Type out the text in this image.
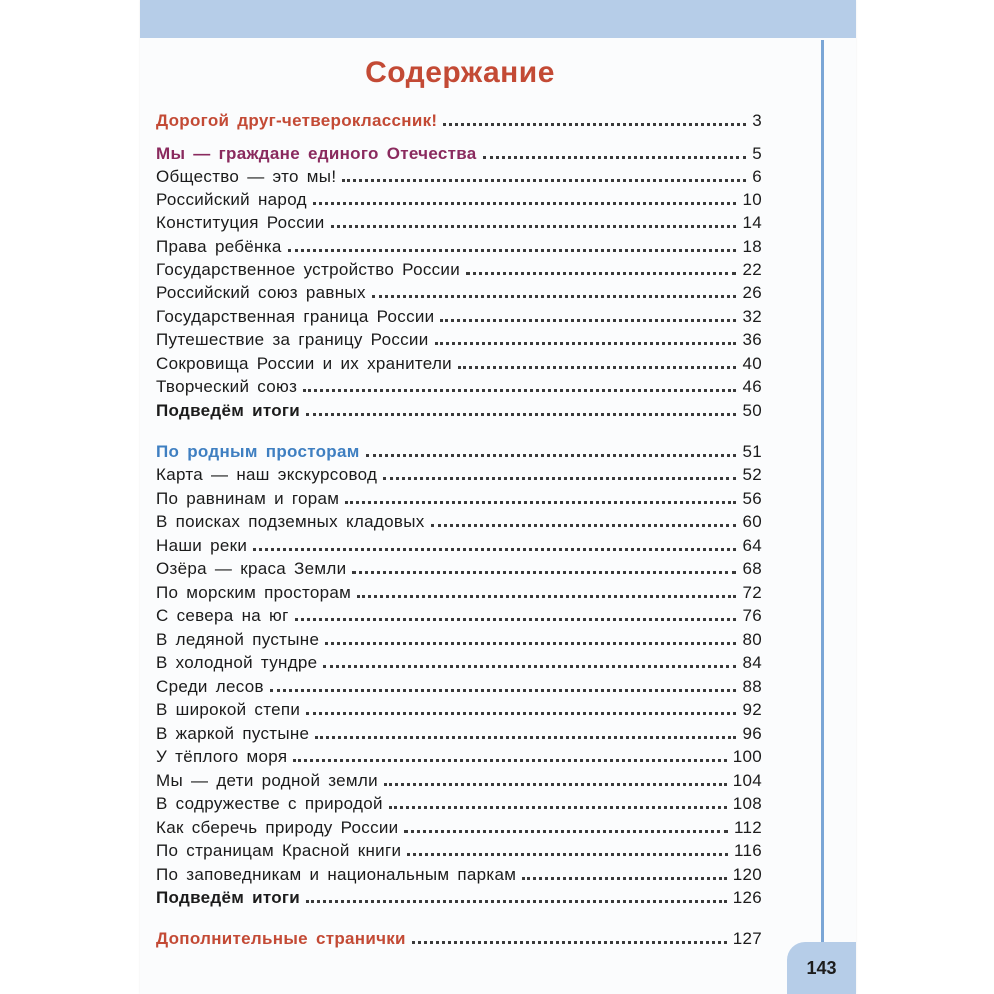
Содержание
Дорогой друг-четвероклассник!	3
Мы — граждане единого Отечества	5
Общество — это мы!	6
Российский народ	10
Конституция России	14
Права ребёнка	18
Государственное устройство России	22
Российский союз равных	26
Государственная граница России	32
Путешествие за границу России	36
Сокровища России и их хранители	40
Творческий союз	46
Подведём итоги	50
По родным просторам	51
Карта — наш экскурсовод	52
По равнинам и горам	56
В поисках подземных кладовых	60
Наши реки	64
Озёра — краса Земли	68
По морским просторам	72
С севера на юг	76
В ледяной пустыне	80
В холодной тундре	84
Среди лесов	88
В широкой степи	92
В жаркой пустыне	96
У тёплого моря	100
Мы — дети родной земли	104
В содружестве с природой	108
Как сберечь природу России	112
По страницам Красной книги	116
По заповедникам и национальным паркам	120
Подведём итоги	126
Дополнительные странички	127
143
